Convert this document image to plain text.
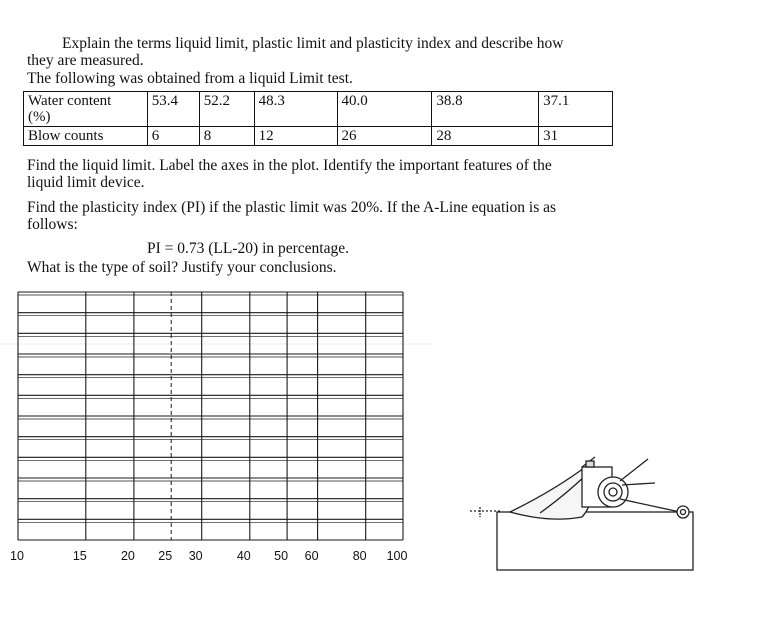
Explain the terms liquid limit, plastic limit and plasticity index and describe how

they are measured.

The following was obtained from a liquid Limit test.

Water content
(%)	53.4	52.2	48.3	40.0	38.8	37.1
Blow counts	6	8	12	26	28	31

Find the liquid limit. Label the axes in the plot. Identify the important features of the

liquid limit device.

Find the plasticity index (PI) if the plastic limit was 20%. If the A-Line equation is as

follows:

PI = 0.73 (LL-20) in percentage.

What is the type of soil? Justify your conclusions.

10	15	20 25 30	40 50 60	80 100
